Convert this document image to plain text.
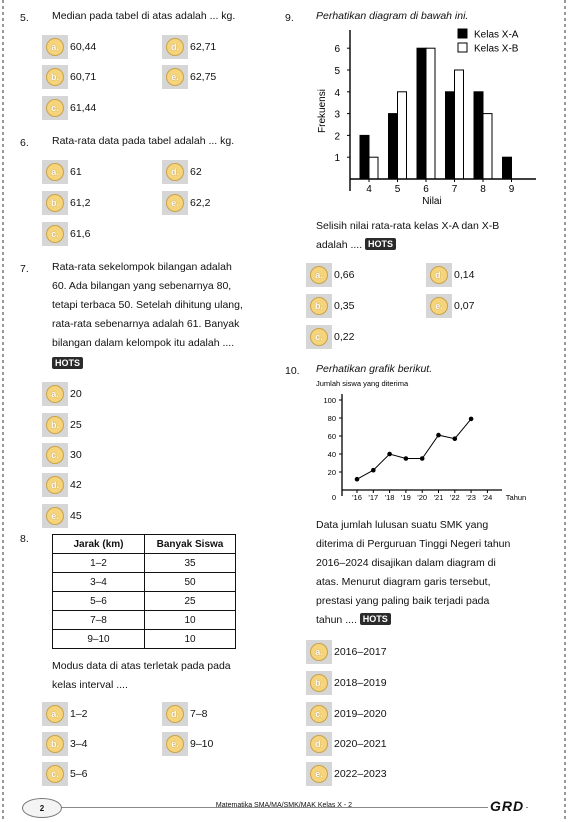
5. Median pada tabel di atas adalah ... kg.
a.	60,44
b.	60,71
c.	61,44
d.	62,71
e.	62,75
6. Rata-rata data pada tabel adalah ... kg.
a.	61
b.	61,2
c.	61,6
d.	62
e.	62,2
7. Rata-rata sekelompok bilangan adalah
60. Ada bilangan yang sebenarnya 80,
tetapi terbaca 50. Setelah dihitung ulang,
rata-rata sebenarnya adalah 61. Banyak
bilangan dalam kelompok itu adalah ....
HOTS
a.	20
b.	25
c.	30
d.	42
e.	45
8.	Jarak (km)	Banyak Siswa
1–2	35
3–4	50
5–6	25
7–8	10
9–10	10
Modus data di atas terletak pada pada
kelas interval ....
a.	1–2
b.	3–4
c.	5–6
d.	7–8
e.	9–10
9. Perhatikan diagram di bawah ini.
1
2
3
4
5
6
4 5 6 7 8 9
Nilai
Frekuensi
Kelas X-A
Kelas X-B
Selisih nilai rata-rata kelas X-A dan X-B
adalah .... HOTS
a.	0,66
b.	0,35
c.	0,22
d.	0,14
e.	0,07
10. Perhatikan grafik berikut.
Jumlah siswa yang diterima
0
20
40
60
80
100
'16 '17 '18 '19 '20 '21 '22 '23 '24 Tahun
Data jumlah lulusan suatu SMK yang
diterima di Perguruan Tinggi Negeri tahun
2016–2024 disajikan dalam diagram di
atas. Menurut diagram garis tersebut,
prestasi yang paling baik terjadi pada
tahun .... HOTS
a.	2016–2017
b.	2018–2019
c.	2019–2020
d.	2020–2021
e.	2022–2023
2	Matematika SMA/MA/SMK/MAK Kelas X - 2	GRD
